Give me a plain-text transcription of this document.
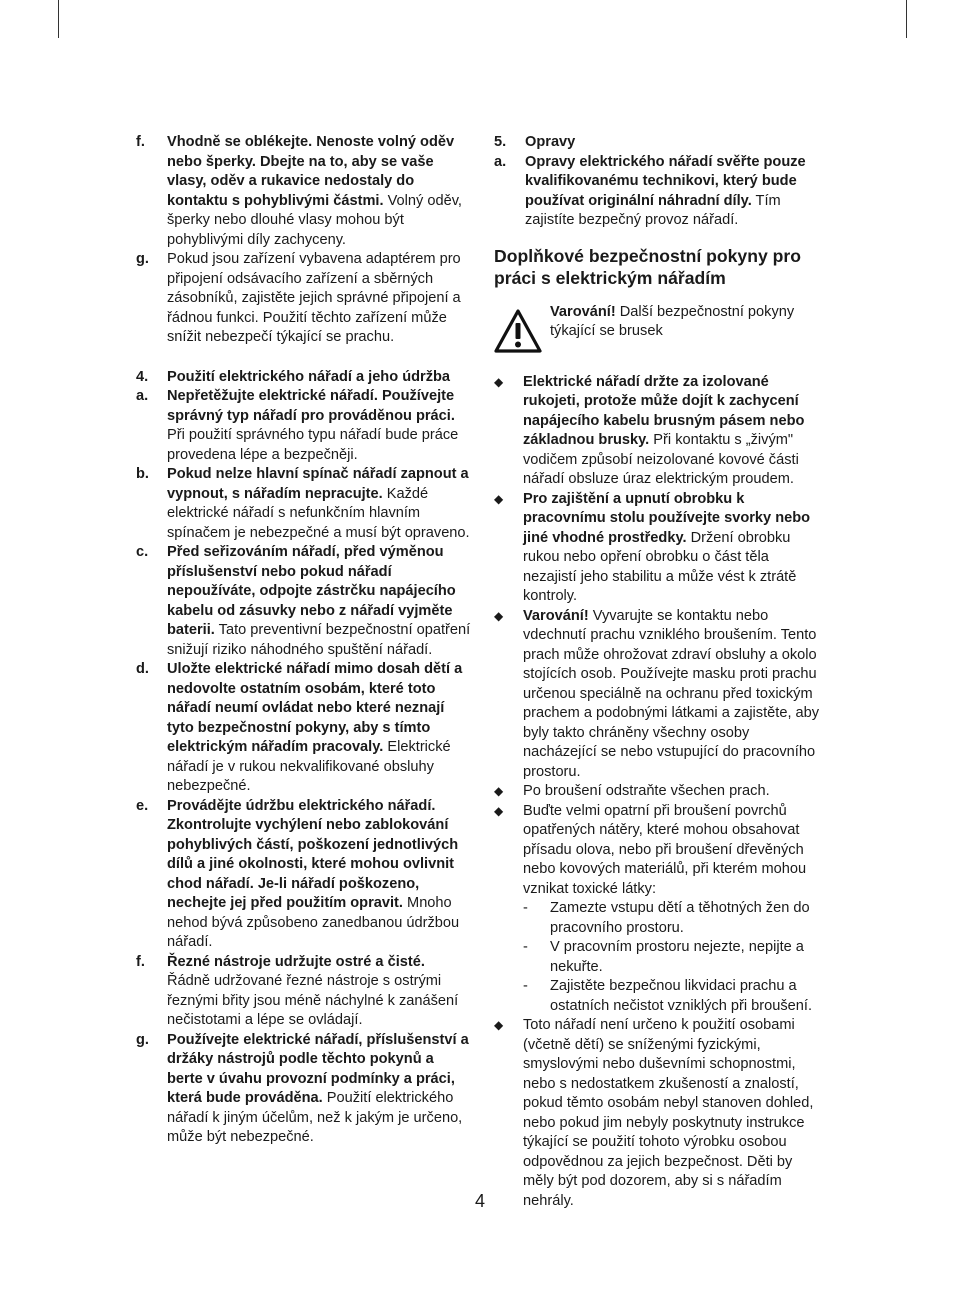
f. Vhodně se oblékejte. Nenoste volný oděv nebo šperky. Dbejte na to, aby se vaše vlasy, oděv a rukavice nedostaly do kontaktu s pohyblivými částmi. Volný oděv, šperky nebo dlouhé vlasy mohou být pohyblivými díly zachyceny.
g. Pokud jsou zařízení vybavena adaptérem pro připojení odsávacího zařízení a sběrných zásobníků, zajistěte jejich správné připojení a řádnou funkci. Použití těchto zařízení může snížit nebezpečí týkající se prachu.
4. Použití elektrického nářadí a jeho údržba
a. Nepřetěžujte elektrické nářadí. Používejte správný typ nářadí pro prováděnou práci. Při použití správného typu nářadí bude práce provedena lépe a bezpečněji.
b. Pokud nelze hlavní spínač nářadí zapnout a vypnout, s nářadím nepracujte. Každé elektrické nářadí s nefunkčním hlavním spínačem je nebezpečné a musí být opraveno.
c. Před seřizováním nářadí, před výměnou příslušenství nebo pokud nářadí nepoužíváte, odpojte zástrčku napájecího kabelu od zásuvky nebo z nářadí vyjměte baterii. Tato preventivní bezpečnostní opatření snižují riziko náhodného spuštění nářadí.
d. Uložte elektrické nářadí mimo dosah dětí a nedovolte ostatním osobám, které toto nářadí neumí ovládat nebo které neznají tyto bezpečnostní pokyny, aby s tímto elektrickým nářadím pracovaly. Elektrické nářadí je v rukou nekvalifikované obsluhy nebezpečné.
e. Provádějte údržbu elektrického nářadí. Zkontrolujte vychýlení nebo zablokování pohyblivých částí, poškození jednotlivých dílů a jiné okolnosti, které mohou ovlivnit chod nářadí. Je-li nářadí poškozeno, nechejte jej před použitím opravit. Mnoho nehod bývá způsobeno zanedbanou údržbou nářadí.
f. Řezné nástroje udržujte ostré a čisté. Řádně udržované řezné nástroje s ostrými řeznými břity jsou méně náchylné k zanášení nečistotami a lépe se ovládají.
g. Používejte elektrické nářadí, příslušenství a držáky nástrojů podle těchto pokynů a berte v úvahu provozní podmínky a práci, která bude prováděna. Použití elektrického nářadí k jiným účelům, než k jakým je určeno, může být nebezpečné.
5. Opravy
a. Opravy elektrického nářadí svěřte pouze kvalifikovanému technikovi, který bude používat originální náhradní díly. Tím zajistíte bezpečný provoz nářadí.
Doplňkové bezpečnostní pokyny pro práci s elektrickým nářadím
Varování! Další bezpečnostní pokyny týkající se brusek
◆ Elektrické nářadí držte za izolované rukojeti, protože může dojít k zachycení napájecího kabelu brusným pásem nebo základnou brusky. Při kontaktu s „živým" vodičem způsobí neizolované kovové části nářadí obsluze úraz elektrickým proudem.
◆ Pro zajištění a upnutí obrobku k pracovnímu stolu používejte svorky nebo jiné vhodné prostředky. Držení obrobku rukou nebo opření obrobku o část těla nezajistí jeho stabilitu a může vést k ztrátě kontroly.
◆ Varování! Vyvarujte se kontaktu nebo vdechnutí prachu vzniklého broušením. Tento prach může ohrožovat zdraví obsluhy a okolo stojících osob. Používejte masku proti prachu určenou speciálně na ochranu před toxickým prachem a podobnými látkami a zajistěte, aby byly takto chráněny všechny osoby nacházející se nebo vstupující do pracovního prostoru.
◆ Po broušení odstraňte všechen prach.
◆ Buďte velmi opatrní při broušení povrchů opatřených nátěry, které mohou obsahovat přísadu olova, nebo při broušení dřevěných nebo kovových materiálů, při kterém mohou vznikat toxické látky:
- Zamezte vstupu dětí a těhotných žen do pracovního prostoru.
- V pracovním prostoru nejezte, nepijte a nekuřte.
- Zajistěte bezpečnou likvidaci prachu a ostatních nečistot vzniklých při broušení.
◆ Toto nářadí není určeno k použití osobami (včetně dětí) se sníženými fyzickými, smyslovými nebo duševními schopnostmi, nebo s nedostatkem zkušeností a znalostí, pokud těmto osobám nebyl stanoven dohled, nebo pokud jim nebyly poskytnuty instrukce týkající se použití tohoto výrobku osobou odpovědnou za jejich bezpečnost. Děti by měly být pod dozorem, aby si s nářadím nehrály.
4
